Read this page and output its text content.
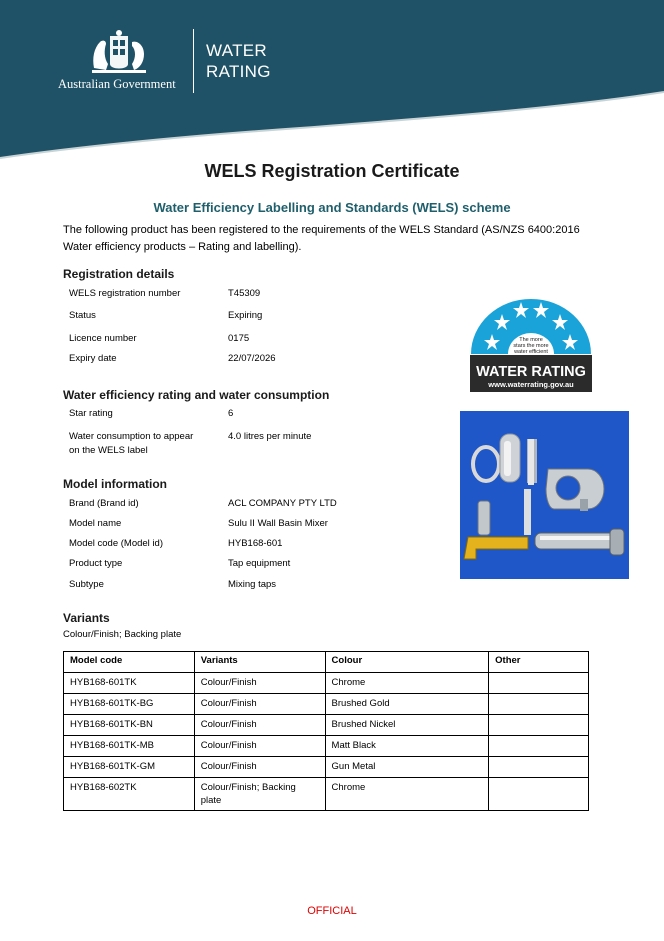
Australian Government
WATER
RATING
WELS Registration Certificate
Water Efficiency Labelling and Standards (WELS) scheme
The following product has been registered to the requirements of the WELS Standard (AS/NZS 6400:2016 Water efficiency products – Rating and labelling).
Registration details
WELS registration number	T45309
Status	Expiring
Licence number	0175
Expiry date	22/07/2026
Water efficiency rating and water consumption
Star rating	6
Water consumption to appear
on the WELS label
4.0 litres per minute
The more
stars the more
water efficient
WATER RATING
www.waterrating.gov.au
Model information
Brand (Brand id)	ACL COMPANY PTY LTD
Model name	Sulu II Wall Basin Mixer
Model code (Model id)	HYB168-601
Product type	Tap equipment
Subtype	Mixing taps
Variants
Colour/Finish; Backing plate
Model code	Variants	Colour	Other
HYB168-601TK	Colour/Finish	Chrome	
HYB168-601TK-BG	Colour/Finish	Brushed Gold	
HYB168-601TK-BN	Colour/Finish	Brushed Nickel	
HYB168-601TK-MB	Colour/Finish	Matt Black	
HYB168-601TK-GM	Colour/Finish	Gun Metal	
HYB168-602TK	Colour/Finish; Backing plate	Chrome	
OFFICIAL
